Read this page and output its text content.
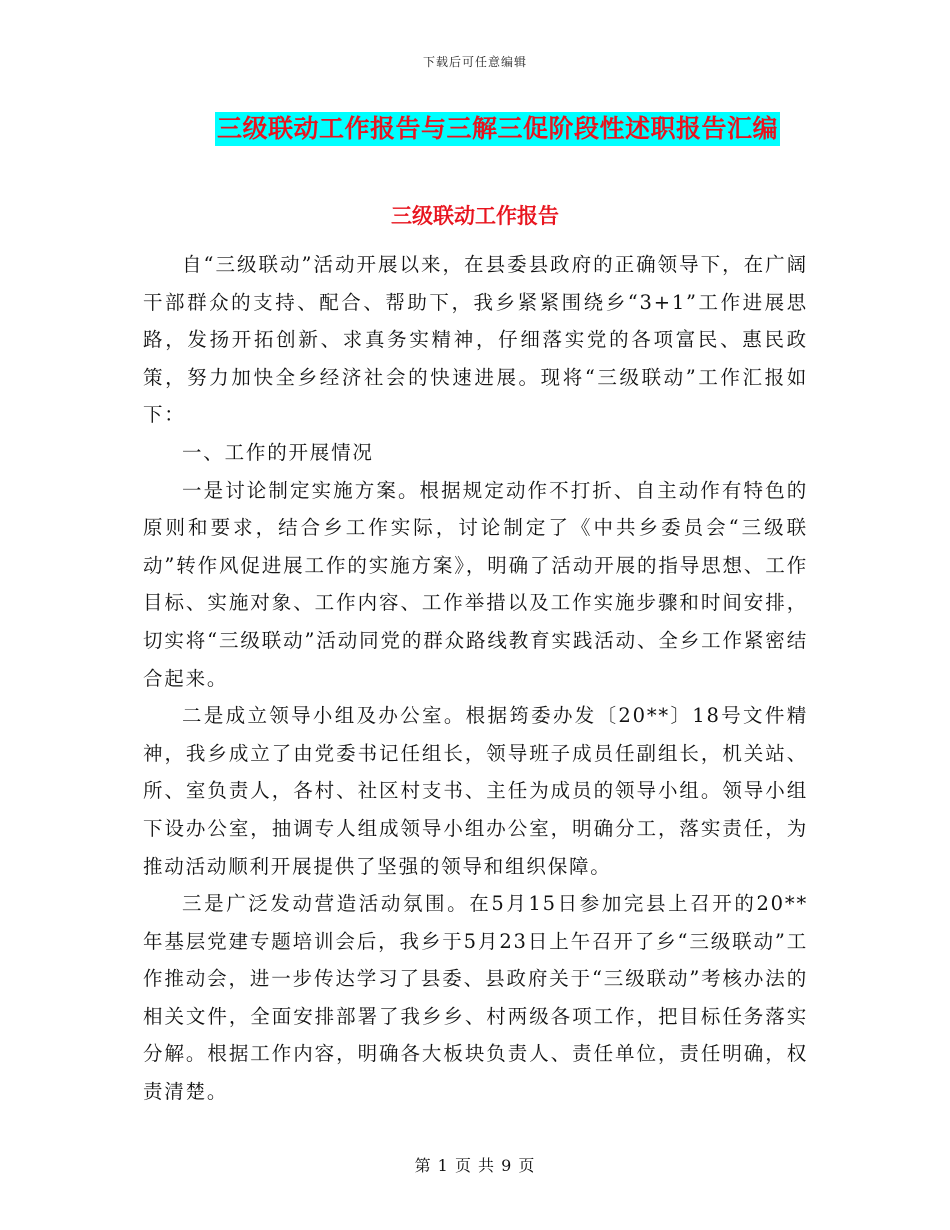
下载后可任意编辑
三级联动工作报告与三解三促阶段性述职报告汇编
三级联动工作报告

自“三级联动”活动开展以来，在县委县政府的正确领导下，在广阔干部群众的支持、配合、帮助下，我乡紧紧围绕乡“3+1”工作进展思路，发扬开拓创新、求真务实精神，仔细落实党的各项富民、惠民政策，努力加快全乡经济社会的快速进展。现将“三级联动”工作汇报如下：

一、工作的开展情况

一是讨论制定实施方案。根据规定动作不打折、自主动作有特色的原则和要求，结合乡工作实际，讨论制定了《中共乡委员会“三级联动”转作风促进展工作的实施方案》，明确了活动开展的指导思想、工作目标、实施对象、工作内容、工作举措以及工作实施步骤和时间安排，切实将“三级联动”活动同党的群众路线教育实践活动、全乡工作紧密结合起来。

二是成立领导小组及办公室。根据筠委办发〔20**〕18号文件精神，我乡成立了由党委书记任组长，领导班子成员任副组长，机关站、所、室负责人，各村、社区村支书、主任为成员的领导小组。领导小组下设办公室，抽调专人组成领导小组办公室，明确分工，落实责任，为推动活动顺利开展提供了坚强的领导和组织保障。

三是广泛发动营造活动氛围。在5月15日参加完县上召开的20**年基层党建专题培训会后，我乡于5月23日上午召开了乡“三级联动”工作推动会，进一步传达学习了县委、县政府关于“三级联动”考核办法的相关文件，全面安排部署了我乡乡、村两级各项工作，把目标任务落实分解。根据工作内容，明确各大板块负责人、责任单位，责任明确，权责清楚。

第 1 页 共 9 页
